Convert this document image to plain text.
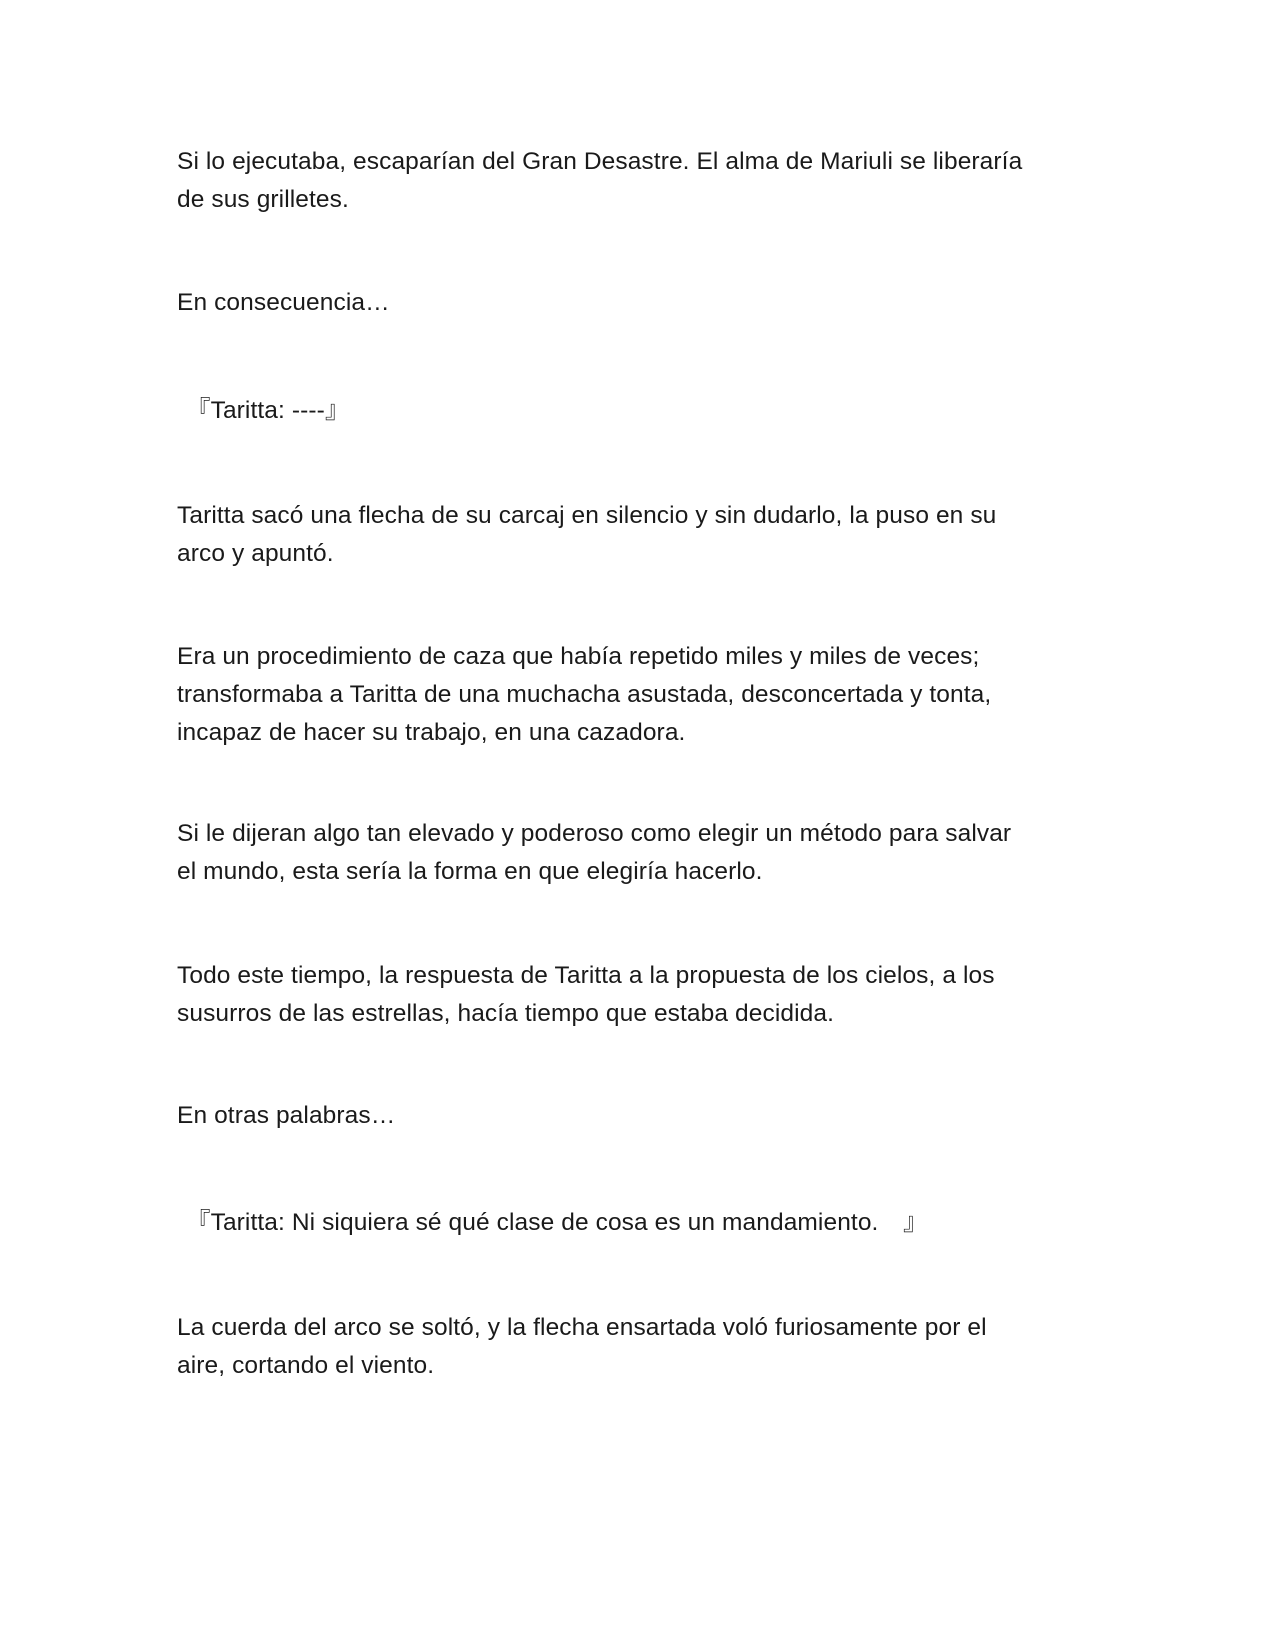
Si lo ejecutaba, escaparían del Gran Desastre. El alma de Mariuli se liberaría
de sus grilletes.

En consecuencia…

『Taritta: ----』

Taritta sacó una flecha de su carcaj en silencio y sin dudarlo, la puso en su
arco y apuntó.

Era un procedimiento de caza que había repetido miles y miles de veces;
transformaba a Taritta de una muchacha asustada, desconcertada y tonta,
incapaz de hacer su trabajo, en una cazadora.

Si le dijeran algo tan elevado y poderoso como elegir un método para salvar
el mundo, esta sería la forma en que elegiría hacerlo.

Todo este tiempo, la respuesta de Taritta a la propuesta de los cielos, a los
susurros de las estrellas, hacía tiempo que estaba decidida.

En otras palabras…

『Taritta: Ni siquiera sé qué clase de cosa es un mandamiento.　』

La cuerda del arco se soltó, y la flecha ensartada voló furiosamente por el
aire, cortando el viento.
